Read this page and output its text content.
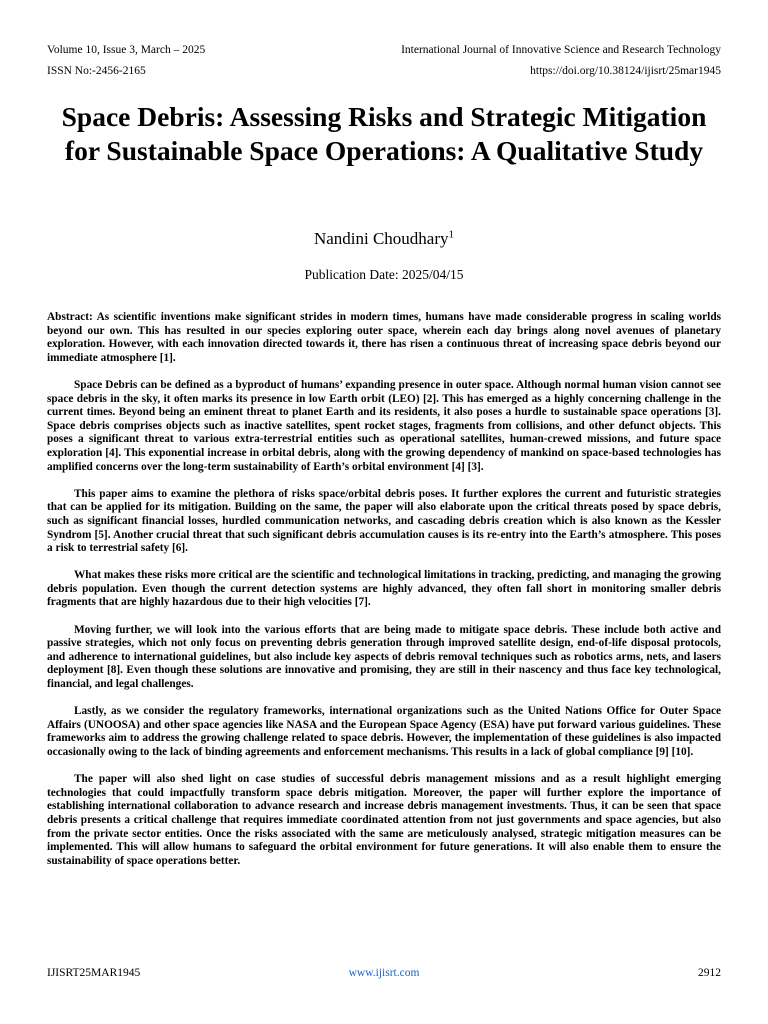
Volume 10, Issue 3, March – 2025
ISSN No:-2456-2165
International Journal of Innovative Science and Research Technology
https://doi.org/10.38124/ijisrt/25mar1945
Space Debris: Assessing Risks and Strategic Mitigation for Sustainable Space Operations: A Qualitative Study
Nandini Choudhary$^1$
Publication Date: 2025/04/15

Abstract: As scientific inventions make significant strides in modern times, humans have made considerable progress in scaling worlds beyond our own. This has resulted in our species exploring outer space, wherein each day brings along novel avenues of planetary exploration. However, with each innovation directed towards it, there has risen a continuous threat of increasing space debris beyond our immediate atmosphere [1].

Space Debris can be defined as a byproduct of humans’ expanding presence in outer space. Although normal human vision cannot see space debris in the sky, it often marks its presence in low Earth orbit (LEO) [2]. This has emerged as a highly concerning challenge in the current times. Beyond being an eminent threat to planet Earth and its residents, it also poses a hurdle to sustainable space operations [3]. Space debris comprises objects such as inactive satellites, spent rocket stages, fragments from collisions, and other defunct objects. This poses a significant threat to various extra-terrestrial entities such as operational satellites, human-crewed missions, and future space exploration [4]. This exponential increase in orbital debris, along with the growing dependency of mankind on space-based technologies has amplified concerns over the long-term sustainability of Earth’s orbital environment [4] [3].

This paper aims to examine the plethora of risks space/orbital debris poses. It further explores the current and futuristic strategies that can be applied for its mitigation. Building on the same, the paper will also elaborate upon the critical threats posed by space debris, such as significant financial losses, hurdled communication networks, and cascading debris creation which is also known as the Kessler Syndrom [5]. Another crucial threat that such significant debris accumulation causes is its re-entry into the Earth’s atmosphere. This poses a risk to terrestrial safety [6].

What makes these risks more critical are the scientific and technological limitations in tracking, predicting, and managing the growing debris population. Even though the current detection systems are highly advanced, they often fall short in monitoring smaller debris fragments that are highly hazardous due to their high velocities [7].

Moving further, we will look into the various efforts that are being made to mitigate space debris. These include both active and passive strategies, which not only focus on preventing debris generation through improved satellite design, end-of-life disposal protocols, and adherence to international guidelines, but also include key aspects of debris removal techniques such as robotics arms, nets, and lasers deployment [8]. Even though these solutions are innovative and promising, they are still in their nascency and thus face key technological, financial, and legal challenges.

Lastly, as we consider the regulatory frameworks, international organizations such as the United Nations Office for Outer Space Affairs (UNOOSA) and other space agencies like NASA and the European Space Agency (ESA) have put forward various guidelines. These frameworks aim to address the growing challenge related to space debris. However, the implementation of these guidelines is also impacted occasionally owing to the lack of binding agreements and enforcement mechanisms. This results in a lack of global compliance [9] [10].

The paper will also shed light on case studies of successful debris management missions and as a result highlight emerging technologies that could impactfully transform space debris mitigation. Moreover, the paper will further explore the importance of establishing international collaboration to advance research and increase debris management investments. Thus, it can be seen that space debris presents a critical challenge that requires immediate coordinated attention from not just governments and space agencies, but also from the private sector entities. Once the risks associated with the same are meticulously analysed, strategic mitigation measures can be implemented. This will allow humans to safeguard the orbital environment for future generations. It will also enable them to ensure the sustainability of space operations better.

IJISRT25MAR1945	www.ijisrt.com	2912
